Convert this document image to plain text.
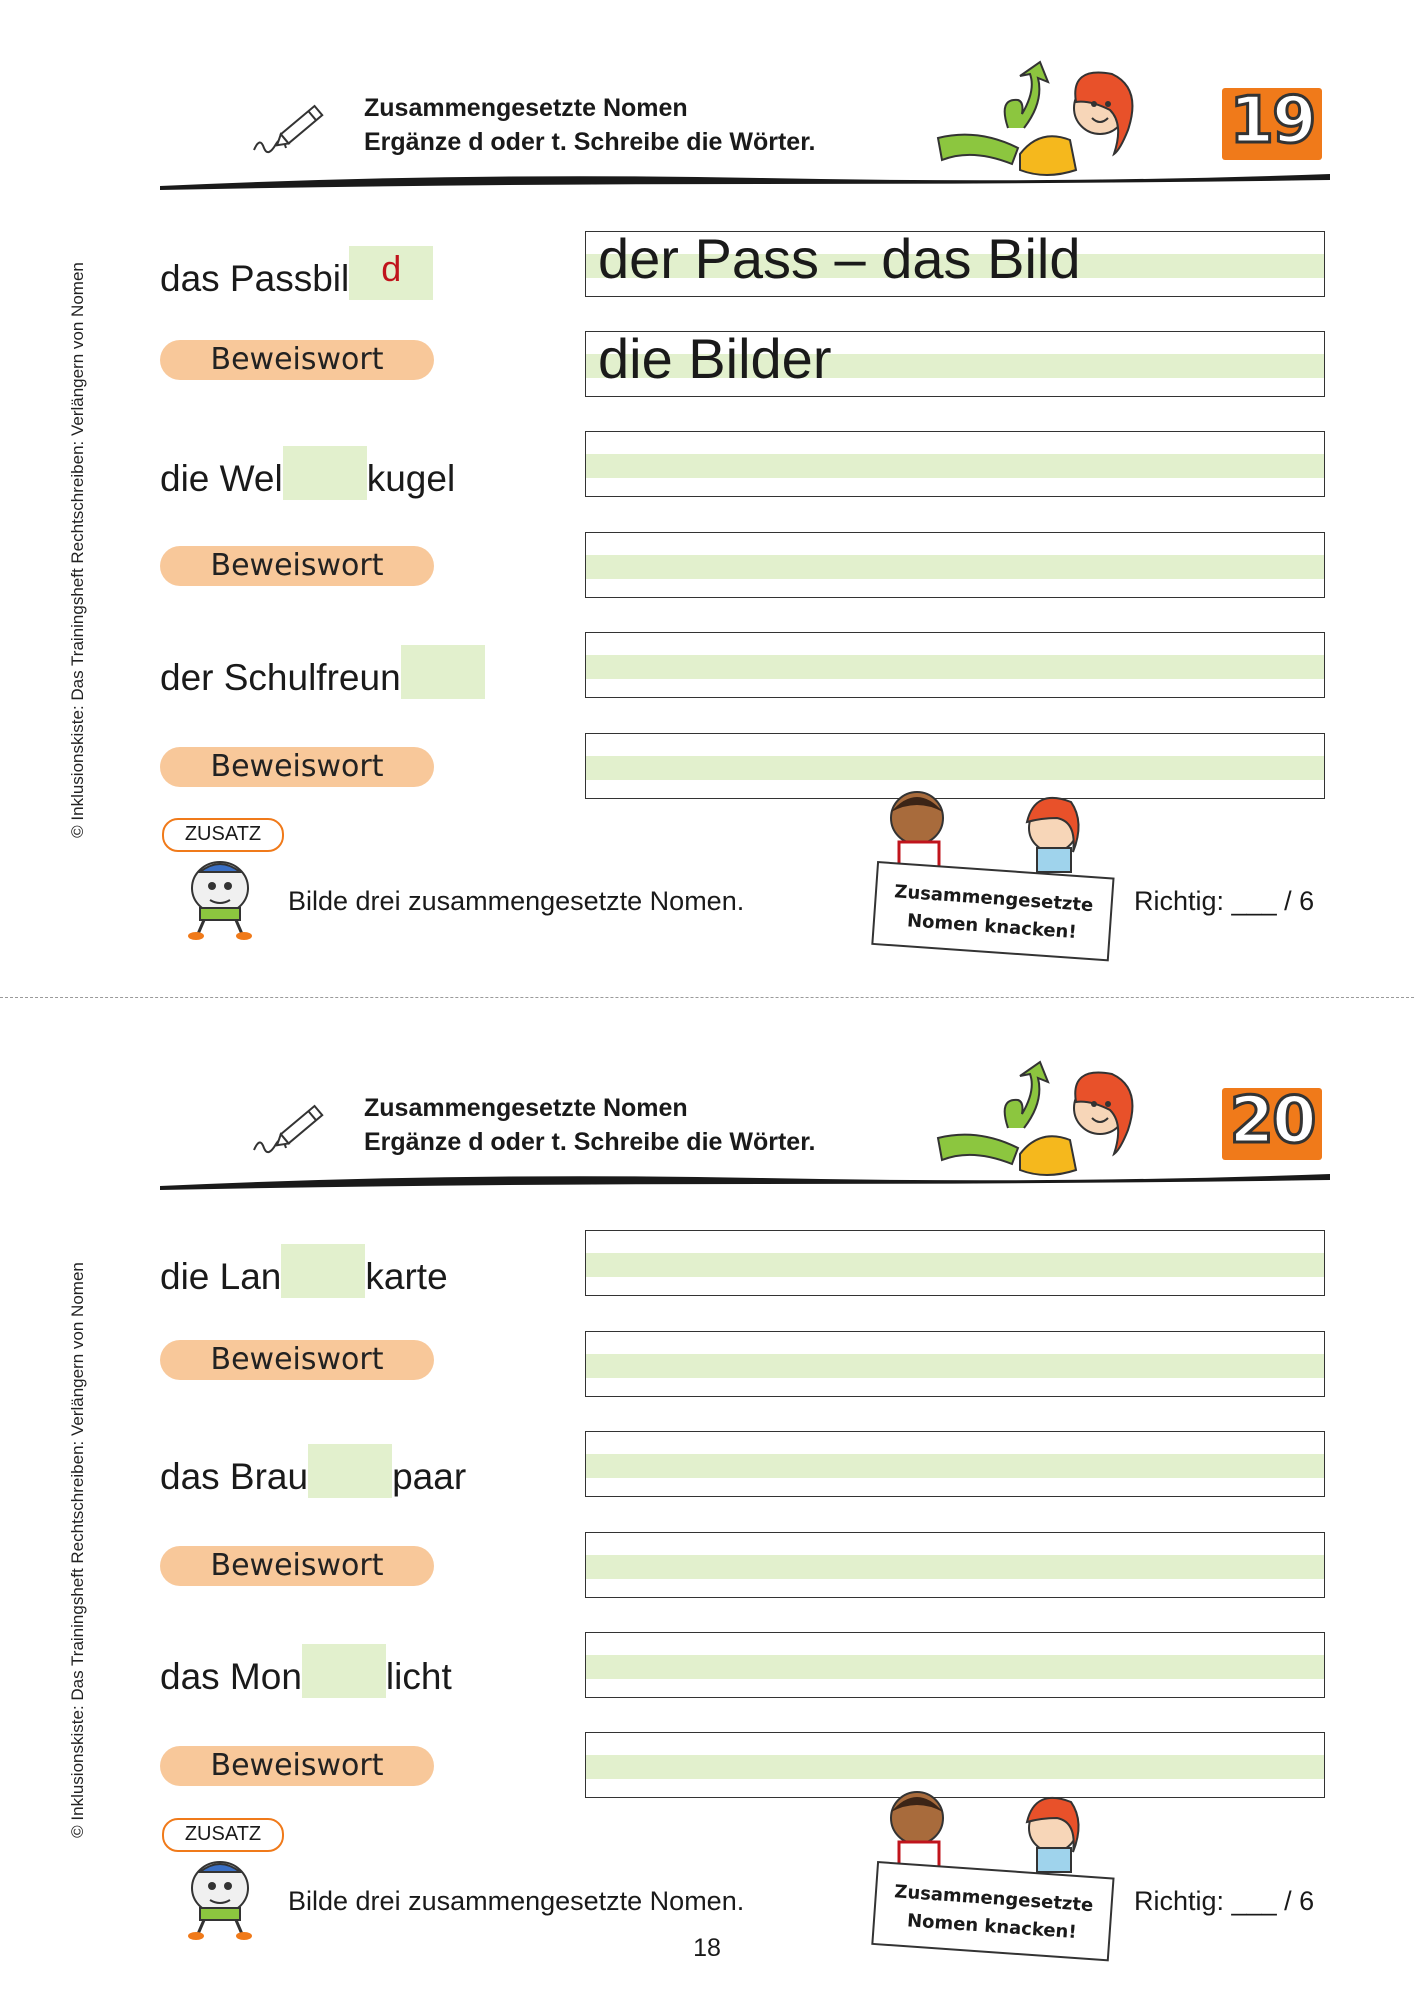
© Inklusionskiste: Das Trainingsheft Rechtschreiben: Verlängern von Nomen
Zusammengesetzte Nomen
Ergänze d oder t. Schreibe die Wörter.	19
das Passbil d
Beweiswort
der Pass – das Bild
die Bilder
die Wel kugel
Beweiswort
der Schulfreun
Beweiswort
ZUSATZ
Bilde drei zusammengesetzte Nomen.	Zusammengesetzte
Nomen knacken!
Richtig: ___ / 6
© Inklusionskiste: Das Trainingsheft Rechtschreiben: Verlängern von Nomen
Zusammengesetzte Nomen
Ergänze d oder t. Schreibe die Wörter.	20
die Lan karte
Beweiswort
das Brau paar
Beweiswort
das Mon licht
Beweiswort
ZUSATZ
Bilde drei zusammengesetzte Nomen.	Zusammengesetzte
Nomen knacken!
Richtig: ___ / 6
18
